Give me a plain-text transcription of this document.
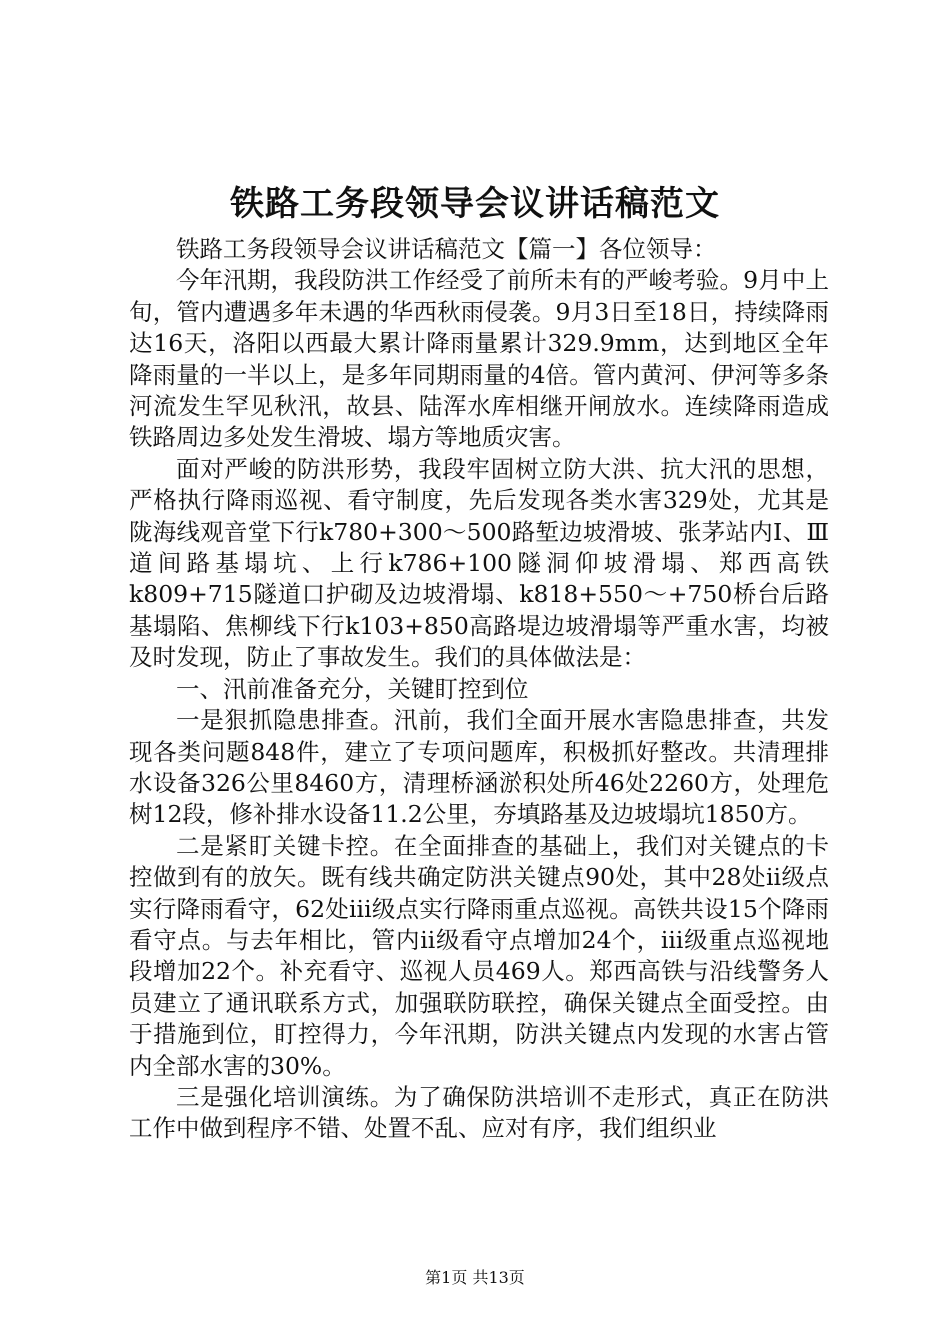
铁路工务段领导会议讲话稿范文

铁路工务段领导会议讲话稿范文【篇一】各位领导：

今年汛期，我段防洪工作经受了前所未有的严峻考验。9月中上旬，管内遭遇多年未遇的华西秋雨侵袭。9月3日至18日，持续降雨达16天，洛阳以西最大累计降雨量累计329.9mm，达到地区全年降雨量的一半以上，是多年同期雨量的4倍。管内黄河、伊河等多条河流发生罕见秋汛，故县、陆浑水库相继开闸放水。连续降雨造成铁路周边多处发生滑坡、塌方等地质灾害。

面对严峻的防洪形势，我段牢固树立防大洪、抗大汛的思想，严格执行降雨巡视、看守制度，先后发现各类水害329处，尤其是陇海线观音堂下行k780+300～500路堑边坡滑坡、张茅站内Ⅰ、Ⅲ道间路基塌坑、上行k786+100隧洞仰坡滑塌、郑西高铁k809+715隧道口护砌及边坡滑塌、k818+550～+750桥台后路基塌陷、焦柳线下行k103+850高路堤边坡滑塌等严重水害，均被及时发现，防止了事故发生。我们的具体做法是：

一、汛前准备充分，关键盯控到位

一是狠抓隐患排查。汛前，我们全面开展水害隐患排查，共发现各类问题848件，建立了专项问题库，积极抓好整改。共清理排水设备326公里8460方，清理桥涵淤积处所46处2260方，处理危树12段，修补排水设备11.2公里，夯填路基及边坡塌坑1850方。

二是紧盯关键卡控。在全面排查的基础上，我们对关键点的卡控做到有的放矢。既有线共确定防洪关键点90处，其中28处ii级点实行降雨看守，62处iii级点实行降雨重点巡视。高铁共设15个降雨看守点。与去年相比，管内ii级看守点增加24个，iii级重点巡视地段增加22个。补充看守、巡视人员469人。郑西高铁与沿线警务人员建立了通讯联系方式，加强联防联控，确保关键点全面受控。由于措施到位，盯控得力，今年汛期，防洪关键点内发现的水害占管内全部水害的30%。

三是强化培训演练。为了确保防洪培训不走形式，真正在防洪工作中做到程序不错、处置不乱、应对有序，我们组织业

第1页 共13页
